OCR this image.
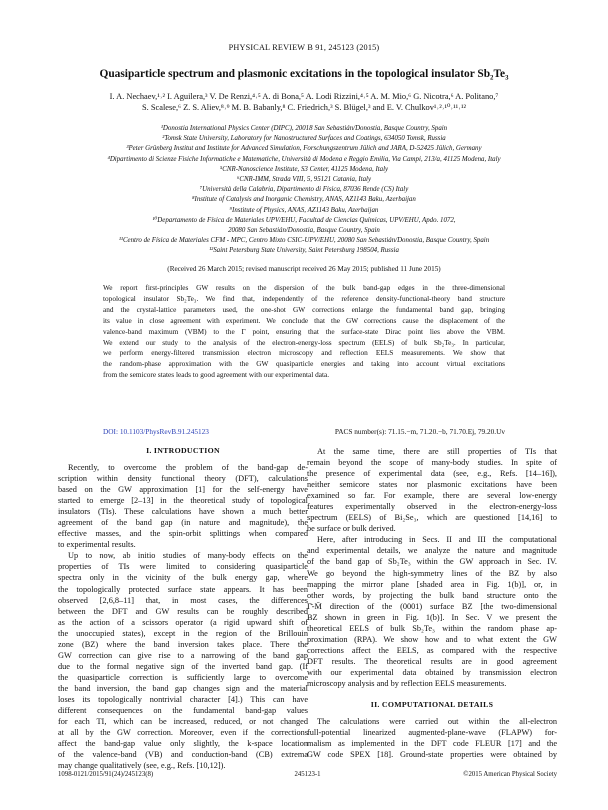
PHYSICAL REVIEW B 91, 245123 (2015)
Quasiparticle spectrum and plasmonic excitations in the topological insulator Sb₂Te₃
I. A. Nechaev,¹˒² I. Aguilera,³ V. De Renzi,⁴˒⁵ A. di Bona,⁵ A. Lodi Rizzini,⁴˒⁵ A. M. Mio,⁶ G. Nicotra,⁶ A. Politano,⁷
S. Scalese,⁶ Z. S. Aliev,⁸˒⁹ M. B. Babanly,⁸ C. Friedrich,³ S. Blügel,³ and E. V. Chulkov¹˒²˒¹⁰˒¹¹˒¹²
¹Donostia International Physics Center (DIPC), 20018 San Sebastián/Donostia, Basque Country, Spain
²Tomsk State University, Laboratory for Nanostructured Surfaces and Coatings, 634050 Tomsk, Russia
³Peter Grünberg Institut and Institute for Advanced Simulation, Forschungszentrum Jülich and JARA, D-52425 Jülich, Germany
⁴Dipartimento di Scienze Fisiche Informatiche e Matematiche, Università di Modena e Reggio Emilia, Via Campi, 213/a, 41125 Modena, Italy
⁵CNR-Nanoscience Institute, S3 Center, 41125 Modena, Italy
⁶CNR-IMM, Strada VIII, 5, 95121 Catania, Italy
⁷Università della Calabria, Dipartimento di Fisica, 87036 Rende (CS) Italy
⁸Institute of Catalysis and Inorganic Chemistry, ANAS, AZ1143 Baku, Azerbaijan
⁹Institute of Physics, ANAS, AZ1143 Baku, Azerbaijan
¹⁰Departamento de Física de Materiales UPV/EHU, Facultad de Ciencias Químicas, UPV/EHU, Apdo. 1072,
20080 San Sebastián/Donostia, Basque Country, Spain
¹¹Centro de Física de Materiales CFM - MPC, Centro Mixto CSIC-UPV/EHU, 20080 San Sebastián/Donostia, Basque Country, Spain
¹²Saint Petersburg State University, Saint Petersburg 198504, Russia
(Received 26 March 2015; revised manuscript received 26 May 2015; published 11 June 2015)
We report first-principles GW results on the dispersion of the bulk band-gap edges in the three-dimensional
topological insulator Sb₂Te₃. We find that, independently of the reference density-functional-theory band structure
and the crystal-lattice parameters used, the one-shot GW corrections enlarge the fundamental band gap, bringing
its value in close agreement with experiment. We conclude that the GW corrections cause the displacement of the
valence-band maximum (VBM) to the Γ point, ensuring that the surface-state Dirac point lies above the VBM.
We extend our study to the analysis of the electron-energy-loss spectrum (EELS) of bulk Sb₂Te₃. In particular,
we perform energy-filtered transmission electron microscopy and reflection EELS measurements. We show that
the random-phase approximation with the GW quasiparticle energies and taking into account virtual excitations
from the semicore states leads to good agreement with our experimental data.
DOI: 10.1103/PhysRevB.91.245123	PACS number(s): 71.15.−m, 71.20.−b, 71.70.Ej, 79.20.Uv
I. INTRODUCTION
Recently, to overcome the problem of the band-gap de-
scription within density functional theory (DFT), calculations
based on the GW approximation [1] for the self-energy have
started to emerge [2–13] in the theoretical study of topological
insulators (TIs). These calculations have shown a much better
agreement of the band gap (in nature and magnitude), the
effective masses, and the spin-orbit splittings when compared
to experimental results.
Up to now, ab initio studies of many-body effects on the
properties of TIs were limited to considering quasiparticle
spectra only in the vicinity of the bulk energy gap, where
the topologically protected surface state appears. It has been
observed [2,6,8–11] that, in most cases, the differences
between the DFT and GW results can be roughly described
as the action of a scissors operator (a rigid upward shift of
the unoccupied states), except in the region of the Brillouin
zone (BZ) where the band inversion takes place. There the
GW correction can give rise to a narrowing of the band gap
due to the formal negative sign of the inverted band gap. (If
the quasiparticle correction is sufficiently large to overcome
the band inversion, the band gap changes sign and the material
loses its topologically nontrivial character [4].) This can have
different consequences on the fundamental band-gap values
for each TI, which can be increased, reduced, or not changed
at all by the GW correction. Moreover, even if the corrections
affect the band-gap value only slightly, the k-space location
of the valence-band (VB) and conduction-band (CB) extrema
may change qualitatively (see, e.g., Refs. [10,12]).
At the same time, there are still properties of TIs that
remain beyond the scope of many-body studies. In spite of
the presence of experimental data (see, e.g., Refs. [14–16]),
neither semicore states nor plasmonic excitations have been
examined so far. For example, there are several low-energy
features experimentally observed in the electron-energy-loss
spectrum (EELS) of Bi₂Se₃, which are questioned [14,16] to
be surface or bulk derived.
Here, after introducing in Secs. II and III the computational
and experimental details, we analyze the nature and magnitude
of the band gap of Sb₂Te₃ within the GW approach in Sec. IV.
We go beyond the high-symmetry lines of the BZ by also
mapping the mirror plane [shaded area in Fig. 1(b)], or, in
other words, by projecting the bulk band structure onto the
Γ̄-M̄ direction of the (0001) surface BZ [the two-dimensional
BZ shown in green in Fig. 1(b)]. In Sec. V we present the
theoretical EELS of bulk Sb₂Te₃ within the random phase ap-
proximation (RPA). We show how and to what extent the GW
corrections affect the EELS, as compared with the respective
DFT results. The theoretical results are in good agreement
with our experimental data obtained by transmission electron
microscopy analysis and by reflection EELS measurements.
II. COMPUTATIONAL DETAILS
The calculations were carried out within the all-electron
full-potential linearized augmented-plane-wave (FLAPW) for-
malism as implemented in the DFT code FLEUR [17] and the
GW code SPEX [18]. Ground-state properties were obtained by
1098-0121/2015/91(24)/245123(8)	245123-1	©2015 American Physical Society
